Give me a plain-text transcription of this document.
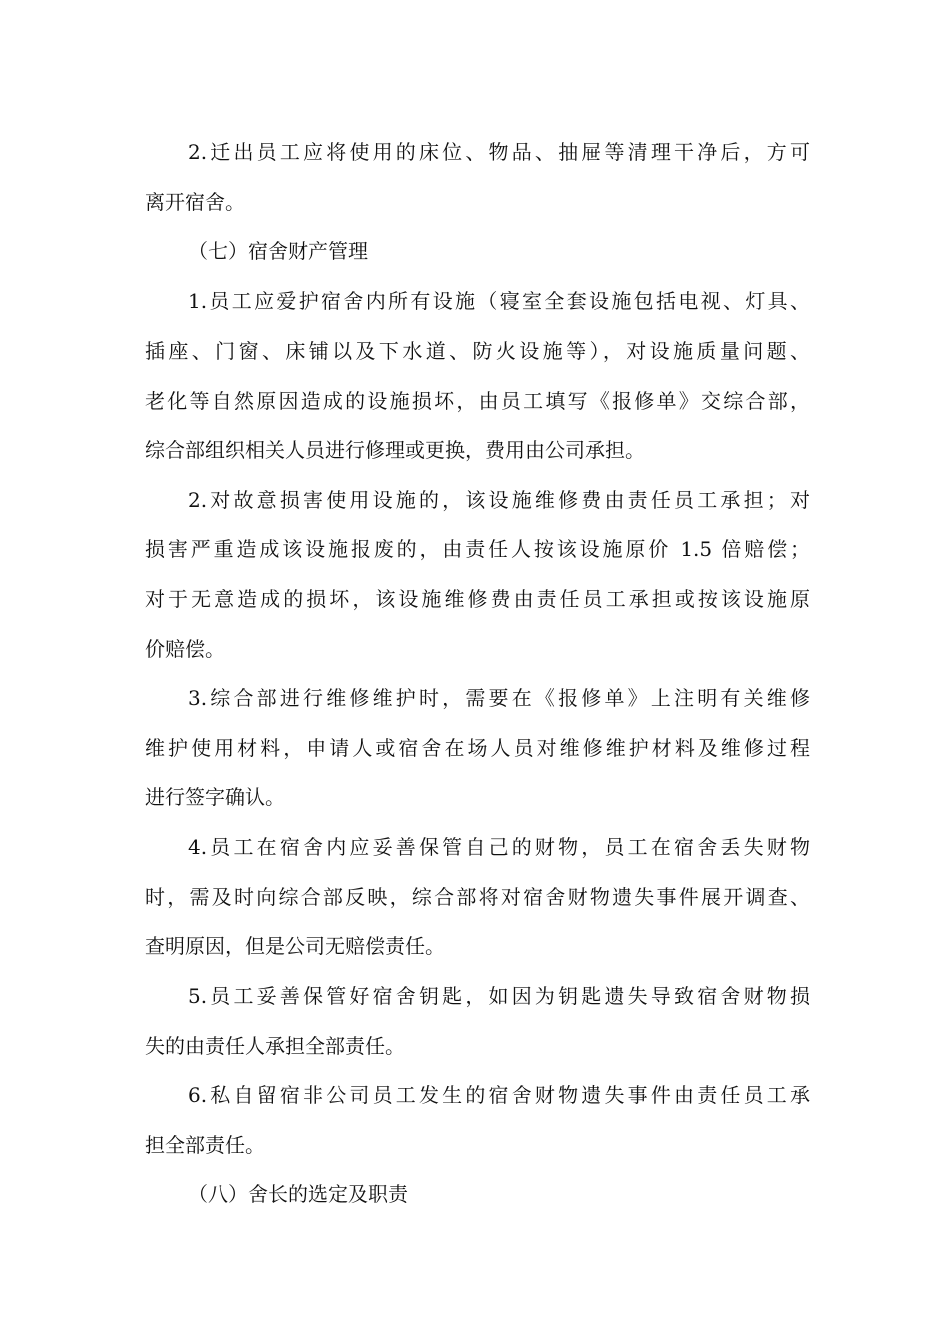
2.迁出员工应将使用的床位、物品、抽屉等清理干净后，方可
离开宿舍。
（七）宿舍财产管理
1.员工应爱护宿舍内所有设施（寝室全套设施包括电视、灯具、
插座、门窗、床铺以及下水道、防火设施等），对设施质量问题、
老化等自然原因造成的设施损坏，由员工填写《报修单》交综合部，
综合部组织相关人员进行修理或更换，费用由公司承担。
2.对故意损害使用设施的，该设施维修费由责任员工承担；对
损害严重造成该设施报废的，由责任人按该设施原价 1.5 倍赔偿；
对于无意造成的损坏，该设施维修费由责任员工承担或按该设施原
价赔偿。
3.综合部进行维修维护时，需要在《报修单》上注明有关维修
维护使用材料，申请人或宿舍在场人员对维修维护材料及维修过程
进行签字确认。
4.员工在宿舍内应妥善保管自己的财物，员工在宿舍丢失财物
时，需及时向综合部反映，综合部将对宿舍财物遗失事件展开调查、
查明原因，但是公司无赔偿责任。
5.员工妥善保管好宿舍钥匙，如因为钥匙遗失导致宿舍财物损
失的由责任人承担全部责任。
6.私自留宿非公司员工发生的宿舍财物遗失事件由责任员工承
担全部责任。
（八）舍长的选定及职责
